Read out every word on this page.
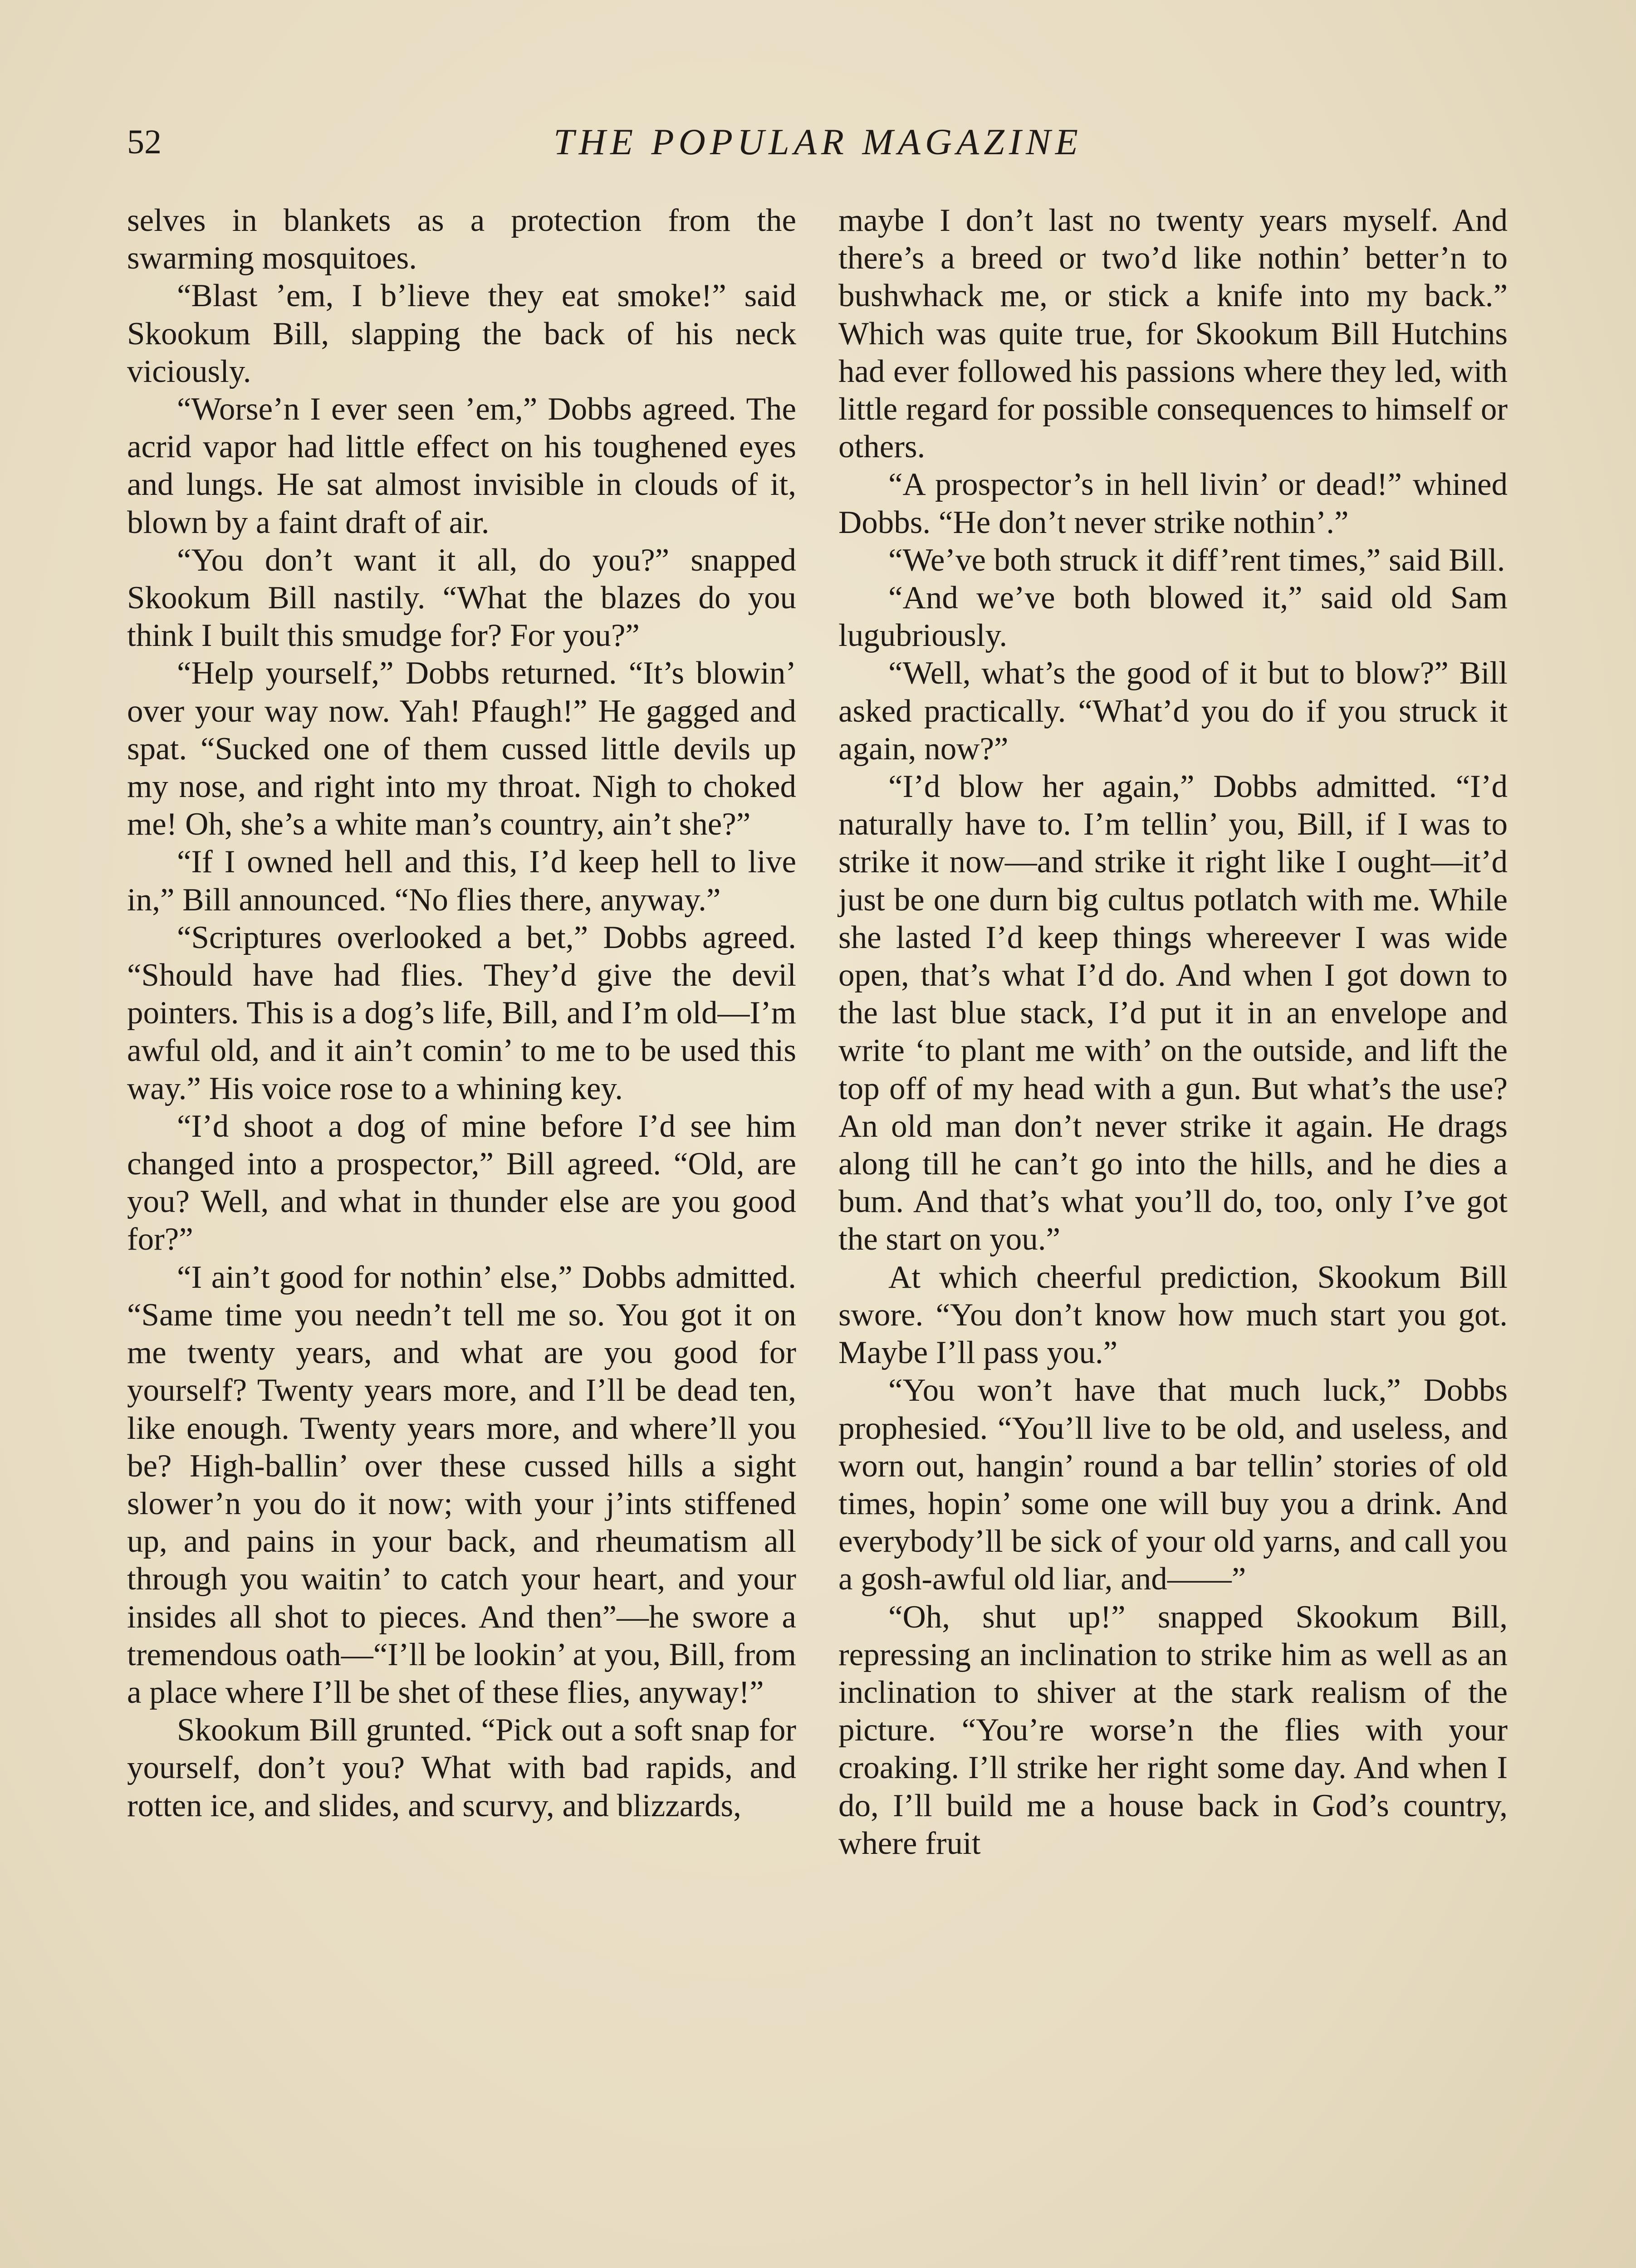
52	THE POPULAR MAGAZINE

selves in blankets as a protection from the swarming mosquitoes.

“Blast ’em, I b’lieve they eat smoke!” said Skookum Bill, slapping the back of his neck viciously.

“Worse’n I ever seen ’em,” Dobbs agreed. The acrid vapor had little effect on his toughened eyes and lungs. He sat almost invisible in clouds of it, blown by a faint draft of air.

“You don’t want it all, do you?” snapped Skookum Bill nastily. “What the blazes do you think I built this smudge for? For you?”

“Help yourself,” Dobbs returned. “It’s blowin’ over your way now. Yah! Pfaugh!” He gagged and spat. “Sucked one of them cussed little devils up my nose, and right into my throat. Nigh to choked me! Oh, she’s a white man’s country, ain’t she?”

“If I owned hell and this, I’d keep hell to live in,” Bill announced. “No flies there, anyway.”

“Scriptures overlooked a bet,” Dobbs agreed. “Should have had flies. They’d give the devil pointers. This is a dog’s life, Bill, and I’m old—I’m awful old, and it ain’t comin’ to me to be used this way.” His voice rose to a whining key.

“I’d shoot a dog of mine before I’d see him changed into a prospector,” Bill agreed. “Old, are you? Well, and what in thunder else are you good for?”

“I ain’t good for nothin’ else,” Dobbs admitted. “Same time you needn’t tell me so. You got it on me twenty years, and what are you good for yourself? Twenty years more, and I’ll be dead ten, like enough. Twenty years more, and where’ll you be? High-ballin’ over these cussed hills a sight slower’n you do it now; with your j’ints stiffened up, and pains in your back, and rheumatism all through you waitin’ to catch your heart, and your insides all shot to pieces. And then”—he swore a tremendous oath—“I’ll be lookin’ at you, Bill, from a place where I’ll be shet of these flies, anyway!”

Skookum Bill grunted. “Pick out a soft snap for yourself, don’t you? What with bad rapids, and rotten ice, and slides, and scurvy, and blizzards,

maybe I don’t last no twenty years myself. And there’s a breed or two’d like nothin’ better’n to bushwhack me, or stick a knife into my back.” Which was quite true, for Skookum Bill Hutchins had ever followed his passions where they led, with little regard for possible consequences to himself or others.

“A prospector’s in hell livin’ or dead!” whined Dobbs. “He don’t never strike nothin’.”

“We’ve both struck it diff’rent times,” said Bill.

“And we’ve both blowed it,” said old Sam lugubriously.

“Well, what’s the good of it but to blow?” Bill asked practically. “What’d you do if you struck it again, now?”

“I’d blow her again,” Dobbs admitted. “I’d naturally have to. I’m tellin’ you, Bill, if I was to strike it now—and strike it right like I ought—it’d just be one durn big cultus potlatch with me. While she lasted I’d keep things whereever I was wide open, that’s what I’d do. And when I got down to the last blue stack, I’d put it in an envelope and write ‘to plant me with’ on the outside, and lift the top off of my head with a gun. But what’s the use? An old man don’t never strike it again. He drags along till he can’t go into the hills, and he dies a bum. And that’s what you’ll do, too, only I’ve got the start on you.”

At which cheerful prediction, Skookum Bill swore. “You don’t know how much start you got. Maybe I’ll pass you.”

“You won’t have that much luck,” Dobbs prophesied. “You’ll live to be old, and useless, and worn out, hangin’ round a bar tellin’ stories of old times, hopin’ some one will buy you a drink. And everybody’ll be sick of your old yarns, and call you a gosh-awful old liar, and——”

“Oh, shut up!” snapped Skookum Bill, repressing an inclination to strike him as well as an inclination to shiver at the stark realism of the picture. “You’re worse’n the flies with your croaking. I’ll strike her right some day. And when I do, I’ll build me a house back in God’s country, where fruit
